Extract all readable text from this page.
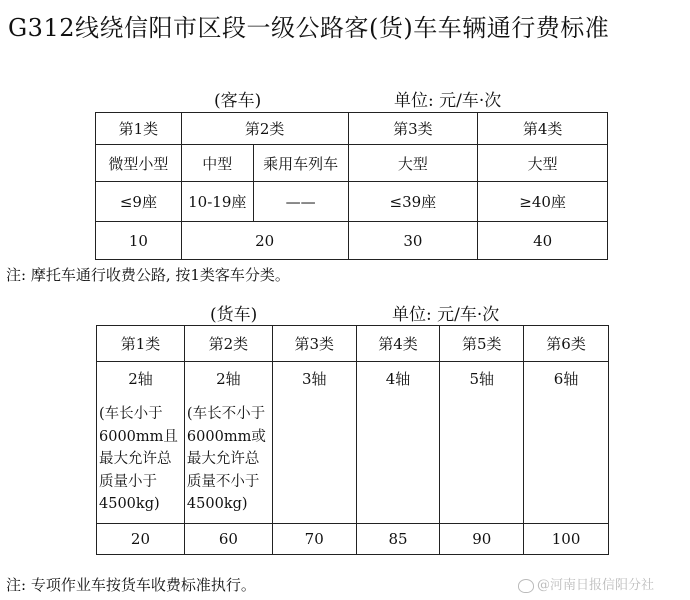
G312线绕信阳市区段一级公路客(货)车车辆通行费标准
(客车)	单位: 元/车·次
第1类	第2类		第3类	第4类
微型小型	中型	乘用车列车	大型	大型
≤9座	10-19座	——	≤39座	≥40座
10	20		30	40
注: 摩托车通行收费公路, 按1类客车分类。
(货车)	单位: 元/车·次
第1类	第2类	第3类	第4类	第5类	第6类
2轴	2轴	3轴	4轴	5轴	6轴
(车长小于6000mm且最大允许总质量小于4500kg)	(车长不小于6000mm或最大允许总质量不小于4500kg)				
20	60	70	85	90	100
注: 专项作业车按货车收费标准执行。	@河南日报信阳分社
